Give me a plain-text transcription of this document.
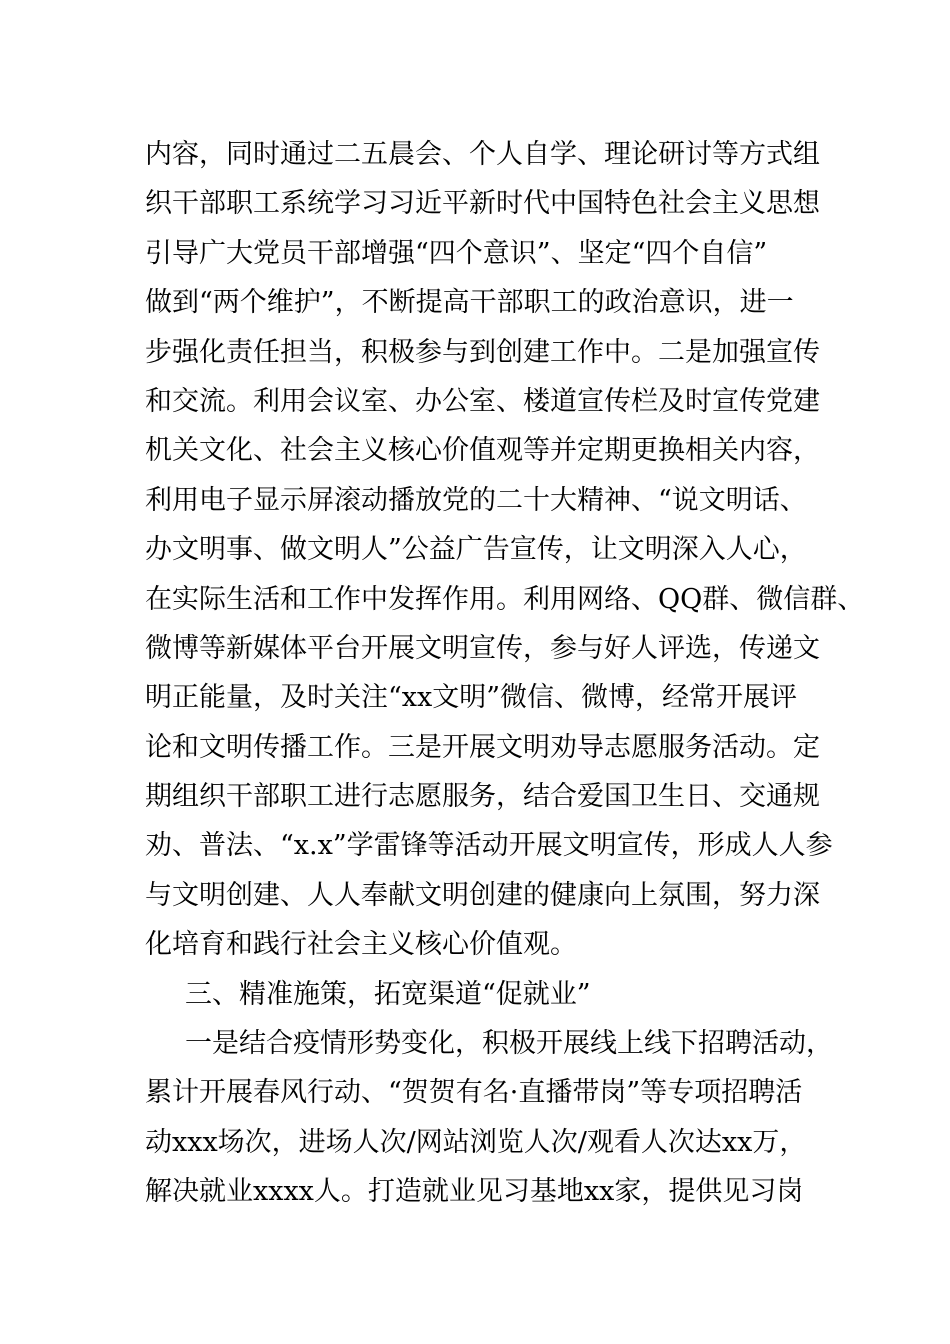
内容，同时通过二五晨会、个人自学、理论研讨等方式组
织干部职工系统学习习近平新时代中国特色社会主义思想
引导广大党员干部增强“四个意识”、坚定“四个自信”
做到“两个维护”，不断提高干部职工的政治意识，进一
步强化责任担当，积极参与到创建工作中。二是加强宣传
和交流。利用会议室、办公室、楼道宣传栏及时宣传党建
机关文化、社会主义核心价值观等并定期更换相关内容，
利用电子显示屏滚动播放党的二十大精神、“说文明话、
办文明事、做文明人”公益广告宣传，让文明深入人心，
在实际生活和工作中发挥作用。利用网络、QQ群、微信群、
微博等新媒体平台开展文明宣传，参与好人评选，传递文
明正能量，及时关注“xx文明”微信、微博，经常开展评
论和文明传播工作。三是开展文明劝导志愿服务活动。定
期组织干部职工进行志愿服务，结合爱国卫生日、交通规
劝、普法、“x.x”学雷锋等活动开展文明宣传，形成人人参
与文明创建、人人奉献文明创建的健康向上氛围，努力深
化培育和践行社会主义核心价值观。
三、精准施策，拓宽渠道“促就业”
一是结合疫情形势变化，积极开展线上线下招聘活动，
累计开展春风行动、“贺贺有名·直播带岗”等专项招聘活
动xxx场次，进场人次/网站浏览人次/观看人次达xx万，
解决就业xxxx人。打造就业见习基地xx家，提供见习岗
